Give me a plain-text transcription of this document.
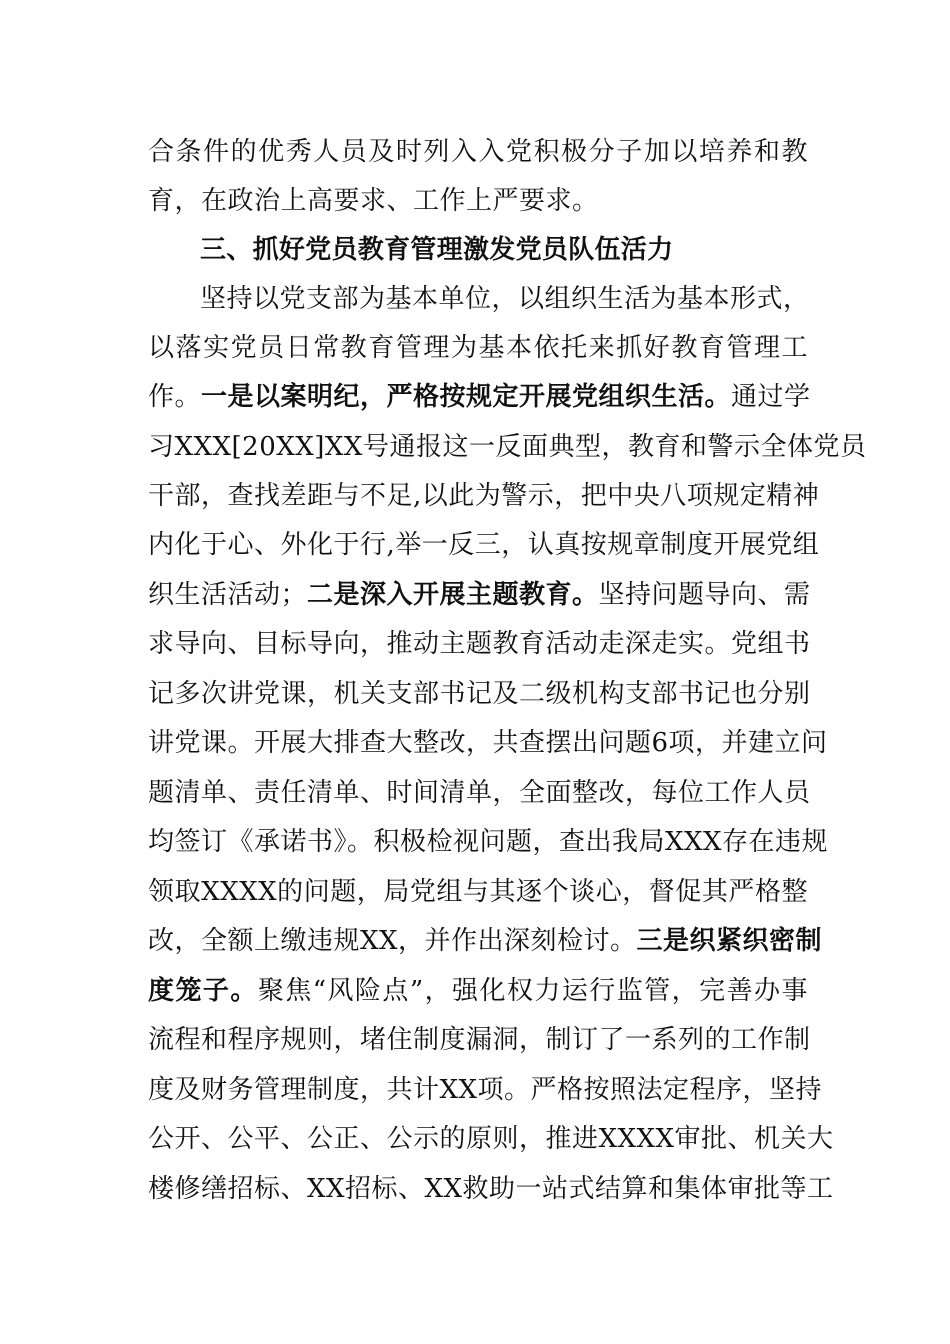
合条件的优秀人员及时列入入党积极分子加以培养和教
育，在政治上高要求、工作上严要求。
三、抓好党员教育管理激发党员队伍活力
坚持以党支部为基本单位，以组织生活为基本形式，
以落实党员日常教育管理为基本依托来抓好教育管理工
作。一是以案明纪，严格按规定开展党组织生活。通过学
习XXX[20XX]XX号通报这一反面典型，教育和警示全体党员
干部，查找差距与不足,以此为警示，把中央八项规定精神
内化于心、外化于行,举一反三，认真按规章制度开展党组
织生活活动；二是深入开展主题教育。坚持问题导向、需
求导向、目标导向，推动主题教育活动走深走实。党组书
记多次讲党课，机关支部书记及二级机构支部书记也分别
讲党课。开展大排查大整改，共查摆出问题6项，并建立问
题清单、责任清单、时间清单，全面整改，每位工作人员
均签订《承诺书》。积极检视问题，查出我局XXX存在违规
领取XXXX的问题，局党组与其逐个谈心，督促其严格整
改，全额上缴违规XX，并作出深刻检讨。三是织紧织密制
度笼子。聚焦“风险点”，强化权力运行监管，完善办事
流程和程序规则，堵住制度漏洞，制订了一系列的工作制
度及财务管理制度，共计XX项。严格按照法定程序，坚持
公开、公平、公正、公示的原则，推进XXXX审批、机关大
楼修缮招标、XX招标、XX救助一站式结算和集体审批等工
